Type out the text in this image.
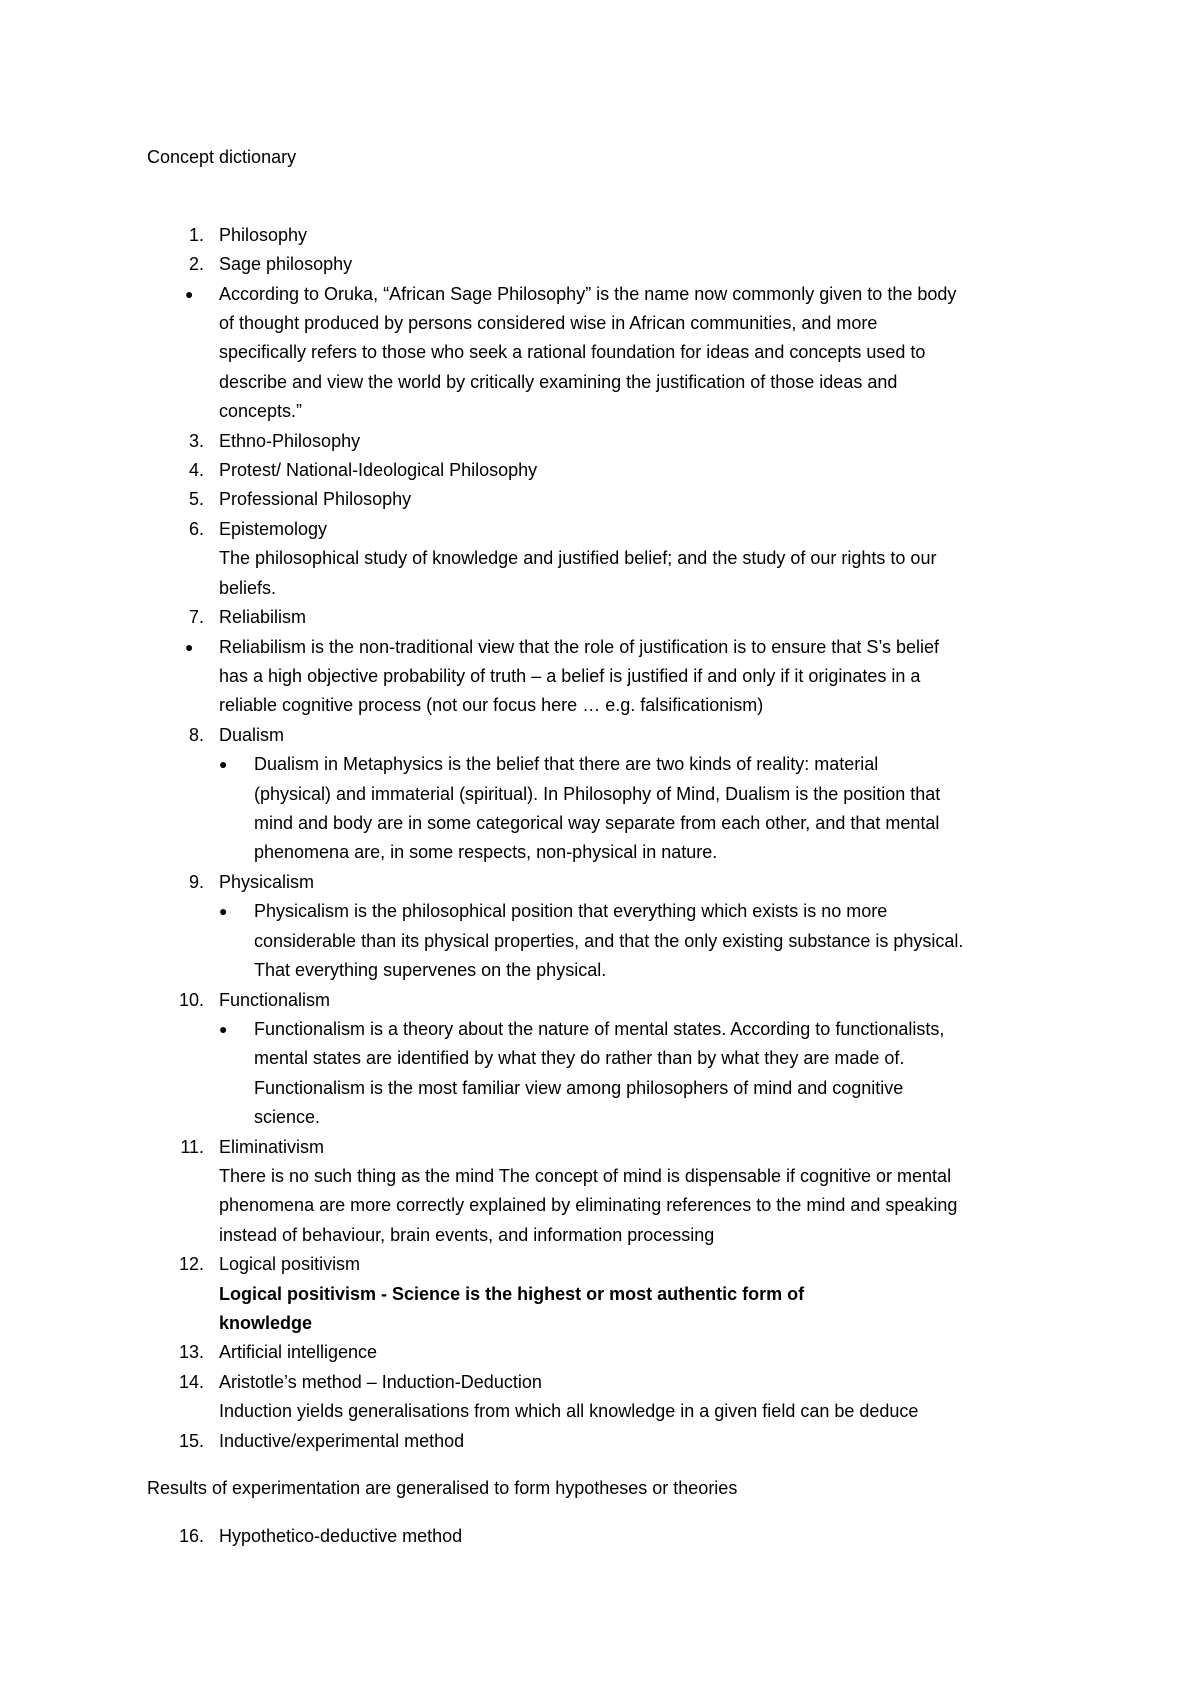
Concept dictionary
1. Philosophy
2. Sage philosophy
● According to Oruka, “African Sage Philosophy” is the name now commonly given to the body
of thought produced by persons considered wise in African communities, and more
specifically refers to those who seek a rational foundation for ideas and concepts used to
describe and view the world by critically examining the justification of those ideas and
concepts.”
3. Ethno-Philosophy
4. Protest/ National-Ideological Philosophy
5. Professional Philosophy
6. Epistemology
The philosophical study of knowledge and justified belief; and the study of our rights to our
beliefs.
7. Reliabilism
● Reliabilism is the non-traditional view that the role of justification is to ensure that S’s belief
has a high objective probability of truth – a belief is justified if and only if it originates in a
reliable cognitive process (not our focus here … e.g. falsificationism)
8. Dualism
● Dualism in Metaphysics is the belief that there are two kinds of reality: material
(physical) and immaterial (spiritual). In Philosophy of Mind, Dualism is the position that
mind and body are in some categorical way separate from each other, and that mental
phenomena are, in some respects, non-physical in nature.
9. Physicalism
● Physicalism is the philosophical position that everything which exists is no more
considerable than its physical properties, and that the only existing substance is physical.
That everything supervenes on the physical.
10. Functionalism
● Functionalism is a theory about the nature of mental states. According to functionalists,
mental states are identified by what they do rather than by what they are made of.
Functionalism is the most familiar view among philosophers of mind and cognitive
science.
11. Eliminativism
There is no such thing as the mind The concept of mind is dispensable if cognitive or mental
phenomena are more correctly explained by eliminating references to the mind and speaking
instead of behaviour, brain events, and information processing
12. Logical positivism
Logical positivism - Science is the highest or most authentic form of
knowledge
13. Artificial intelligence
14. Aristotle’s method – Induction-Deduction
Induction yields generalisations from which all knowledge in a given field can be deduce
15. Inductive/experimental method
Results of experimentation are generalised to form hypotheses or theories
16. Hypothetico-deductive method
